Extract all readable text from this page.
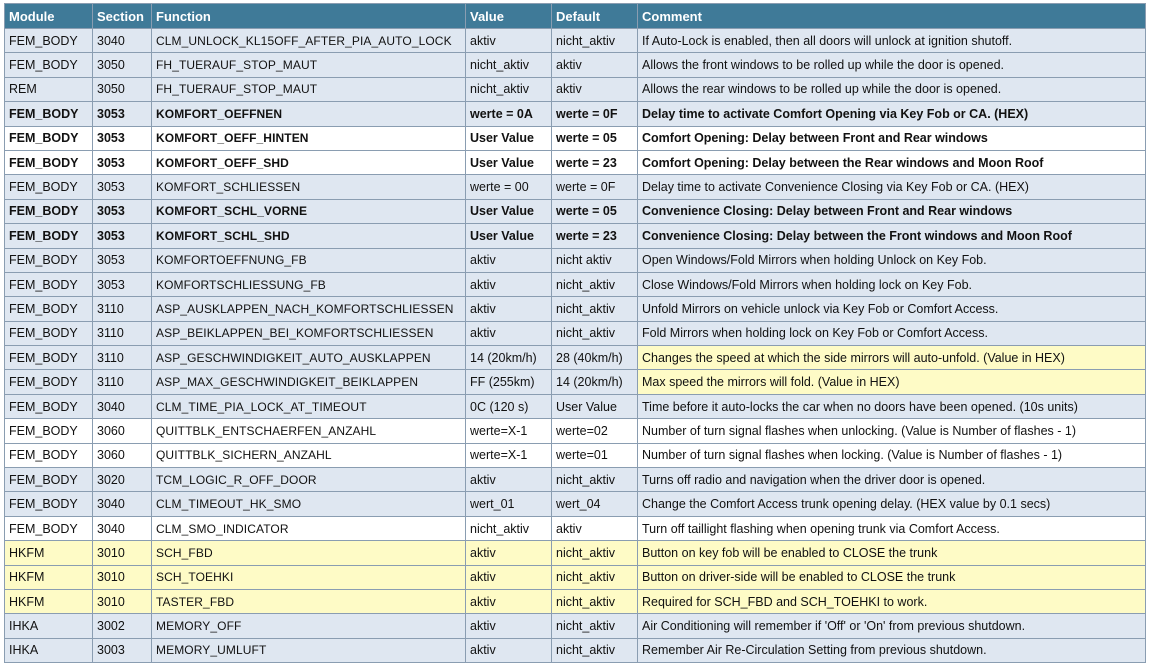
Module	Section	Function	Value	Default	Comment
FEM_BODY	3040	CLM_UNLOCK_KL15OFF_AFTER_PIA_AUTO_LOCK	aktiv	nicht_aktiv	If Auto-Lock is enabled, then all doors will unlock at ignition shutoff.
FEM_BODY	3050	FH_TUERAUF_STOP_MAUT	nicht_aktiv	aktiv	Allows the front windows to be rolled up while the door is opened.
REM	3050	FH_TUERAUF_STOP_MAUT	nicht_aktiv	aktiv	Allows the rear windows to be rolled up while the door is opened.
FEM_BODY	3053	KOMFORT_OEFFNEN	werte = 0A	werte = 0F	Delay time to activate Comfort Opening via Key Fob or CA. (HEX)
FEM_BODY	3053	KOMFORT_OEFF_HINTEN	User Value	werte = 05	Comfort Opening: Delay between Front and Rear windows
FEM_BODY	3053	KOMFORT_OEFF_SHD	User Value	werte = 23	Comfort Opening: Delay between the Rear windows and Moon Roof
FEM_BODY	3053	KOMFORT_SCHLIESSEN	werte = 00	werte = 0F	Delay time to activate Convenience Closing via Key Fob or CA. (HEX)
FEM_BODY	3053	KOMFORT_SCHL_VORNE	User Value	werte = 05	Convenience Closing: Delay between Front and Rear windows
FEM_BODY	3053	KOMFORT_SCHL_SHD	User Value	werte = 23	Convenience Closing: Delay between the Front windows and Moon Roof
FEM_BODY	3053	KOMFORTOEFFNUNG_FB	aktiv	nicht aktiv	Open Windows/Fold Mirrors when holding Unlock on Key Fob.
FEM_BODY	3053	KOMFORTSCHLIESSUNG_FB	aktiv	nicht_aktiv	Close Windows/Fold Mirrors when holding lock on Key Fob.
FEM_BODY	3110	ASP_AUSKLAPPEN_NACH_KOMFORTSCHLIESSEN	aktiv	nicht_aktiv	Unfold Mirrors on vehicle unlock via Key Fob or Comfort Access.
FEM_BODY	3110	ASP_BEIKLAPPEN_BEI_KOMFORTSCHLIESSEN	aktiv	nicht_aktiv	Fold Mirrors when holding lock on Key Fob or Comfort Access.
FEM_BODY	3110	ASP_GESCHWINDIGKEIT_AUTO_AUSKLAPPEN	14 (20km/h)	28 (40km/h)	Changes the speed at which the side mirrors will auto-unfold. (Value in HEX)
FEM_BODY	3110	ASP_MAX_GESCHWINDIGKEIT_BEIKLAPPEN	FF (255km)	14 (20km/h)	Max speed the mirrors will fold. (Value in HEX)
FEM_BODY	3040	CLM_TIME_PIA_LOCK_AT_TIMEOUT	0C (120 s)	User Value	Time before it auto-locks the car when no doors have been opened. (10s units)
FEM_BODY	3060	QUITTBLK_ENTSCHAERFEN_ANZAHL	werte=X-1	werte=02	Number of turn signal flashes when unlocking. (Value is Number of flashes - 1)
FEM_BODY	3060	QUITTBLK_SICHERN_ANZAHL	werte=X-1	werte=01	Number of turn signal flashes when locking. (Value is Number of flashes - 1)
FEM_BODY	3020	TCM_LOGIC_R_OFF_DOOR	aktiv	nicht_aktiv	Turns off radio and navigation when the driver door is opened.
FEM_BODY	3040	CLM_TIMEOUT_HK_SMO	wert_01	wert_04	Change the Comfort Access trunk opening delay. (HEX value by 0.1 secs)
FEM_BODY	3040	CLM_SMO_INDICATOR	nicht_aktiv	aktiv	Turn off taillight flashing when opening trunk via Comfort Access.
HKFM	3010	SCH_FBD	aktiv	nicht_aktiv	Button on key fob will be enabled to CLOSE the trunk
HKFM	3010	SCH_TOEHKI	aktiv	nicht_aktiv	Button on driver-side will be enabled to CLOSE the trunk
HKFM	3010	TASTER_FBD	aktiv	nicht_aktiv	Required for SCH_FBD and SCH_TOEHKI to work.
IHKA	3002	MEMORY_OFF	aktiv	nicht_aktiv	Air Conditioning will remember if 'Off' or 'On' from previous shutdown.
IHKA	3003	MEMORY_UMLUFT	aktiv	nicht_aktiv	Remember Air Re-Circulation Setting from previous shutdown.
